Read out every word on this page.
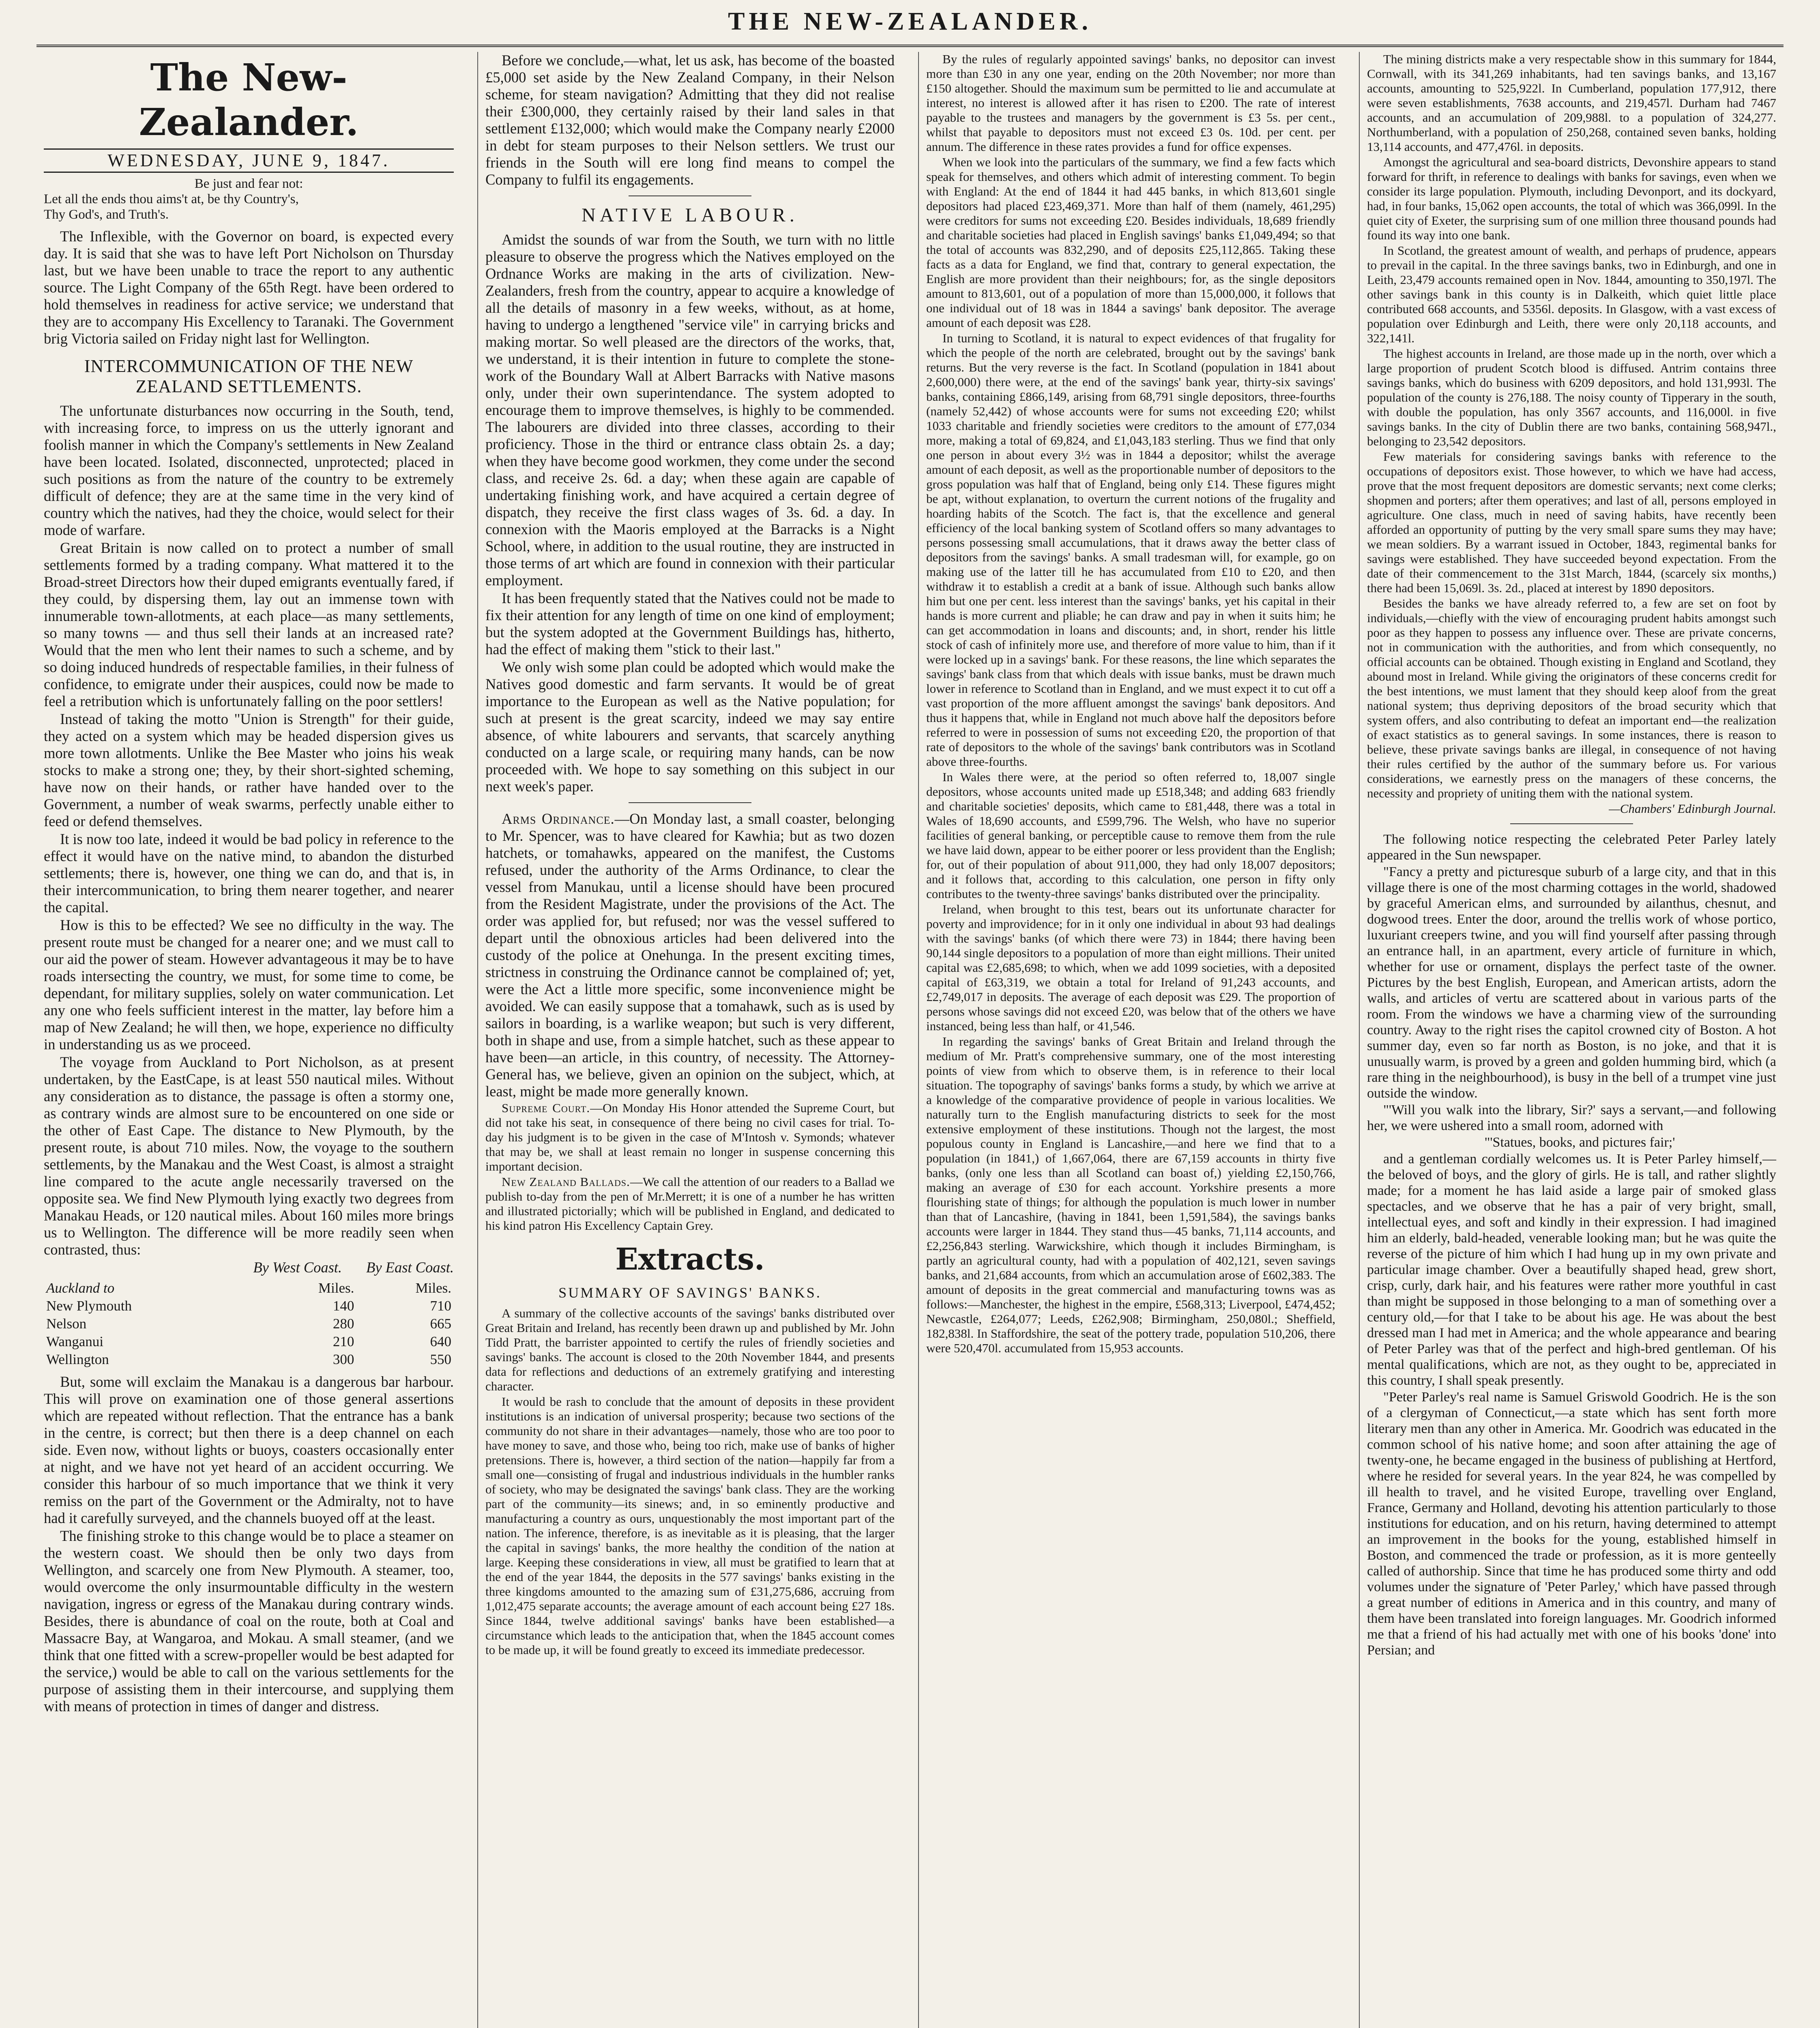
THE NEW-ZEALANDER.
The New-Zealander.
WEDNESDAY, JUNE 9, 1847.
Be just and fear not:
Let all the ends thou aims't at, be thy Country's,
Thy God's, and Truth's.

The Inflexible, with the Governor on board, is expected every day. It is said that she was to have left Port Nicholson on Thursday last, but we have been unable to trace the report to any authentic source. The Light Company of the 65th Regt. have been ordered to hold themselves in readiness for active service; we understand that they are to accompany His Excellency to Taranaki. The Government brig Victoria sailed on Friday night last for Wellington.

INTERCOMMUNICATION OF THE NEW ZEALAND SETTLEMENTS.

The unfortunate disturbances now occurring in the South, tend, with increasing force, to impress on us the utterly ignorant and foolish manner in which the Company's settlements in New Zealand have been located. Isolated, disconnected, unprotected; placed in such positions as from the nature of the country to be extremely difficult of defence; they are at the same time in the very kind of country which the natives, had they the choice, would select for their mode of warfare.

Great Britain is now called on to protect a number of small settlements formed by a trading company. What mattered it to the Broad-street Directors how their duped emigrants eventually fared, if they could, by dispersing them, lay out an immense town with innumerable town-allotments, at each place—as many settlements, so many towns — and thus sell their lands at an increased rate? Would that the men who lent their names to such a scheme, and by so doing induced hundreds of respectable families, in their fulness of confidence, to emigrate under their auspices, could now be made to feel a retribution which is unfortunately falling on the poor settlers!

Instead of taking the motto "Union is Strength" for their guide, they acted on a system which may be headed dispersion gives us more town allotments. Unlike the Bee Master who joins his weak stocks to make a strong one; they, by their short-sighted scheming, have now on their hands, or rather have handed over to the Government, a number of weak swarms, perfectly unable either to feed or defend themselves.

It is now too late, indeed it would be bad policy in reference to the effect it would have on the native mind, to abandon the disturbed settlements; there is, however, one thing we can do, and that is, in their intercommunication, to bring them nearer together, and nearer the capital.

How is this to be effected? We see no difficulty in the way. The present route must be changed for a nearer one; and we must call to our aid the power of steam. However advantageous it may be to have roads intersecting the country, we must, for some time to come, be dependant, for military supplies, solely on water communication. Let any one who feels sufficient interest in the matter, lay before him a map of New Zealand; he will then, we hope, experience no difficulty in understanding us as we proceed.

The voyage from Auckland to Port Nicholson, as at present undertaken, by the EastCape, is at least 550 nautical miles. Without any consideration as to distance, the passage is often a stormy one, as contrary winds are almost sure to be encountered on one side or the other of East Cape. The distance to New Plymouth, by the present route, is about 710 miles. Now, the voyage to the southern settlements, by the Manakau and the West Coast, is almost a straight line compared to the acute angle necessarily traversed on the opposite sea. We find New Plymouth lying exactly two degrees from Manakau Heads, or 120 nautical miles. About 160 miles more brings us to Wellington. The difference will be more readily seen when contrasted, thus:

By West Coast. By East Coast.
Auckland to	Miles.	Miles.
New Plymouth	140	710
Nelson	280	665
Wanganui	210	640
Wellington	300	550

But, some will exclaim the Manakau is a dangerous bar harbour. This will prove on examination one of those general assertions which are repeated without reflection. That the entrance has a bank in the centre, is correct; but then there is a deep channel on each side. Even now, without lights or buoys, coasters occasionally enter at night, and we have not yet heard of an accident occurring. We consider this harbour of so much importance that we think it very remiss on the part of the Government or the Admiralty, not to have had it carefully surveyed, and the channels buoyed off at the least.

The finishing stroke to this change would be to place a steamer on the western coast. We should then be only two days from Wellington, and scarcely one from New Plymouth. A steamer, too, would overcome the only insurmountable difficulty in the western navigation, ingress or egress of the Manakau during contrary winds. Besides, there is abundance of coal on the route, both at Coal and Massacre Bay, at Wangaroa, and Mokau. A small steamer, (and we think that one fitted with a screw-propeller would be best adapted for the service,) would be able to call on the various settlements for the purpose of assisting them in their intercourse, and supplying them with means of protection in times of danger and distress.

Before we conclude,—what, let us ask, has become of the boasted £5,000 set aside by the New Zealand Company, in their Nelson scheme, for steam navigation? Admitting that they did not realise their £300,000, they certainly raised by their land sales in that settlement £132,000; which would make the Company nearly £2000 in debt for steam purposes to their Nelson settlers. We trust our friends in the South will ere long find means to compel the Company to fulfil its engagements.

NATIVE LABOUR.

Amidst the sounds of war from the South, we turn with no little pleasure to observe the progress which the Natives employed on the Ordnance Works are making in the arts of civilization. New-Zealanders, fresh from the country, appear to acquire a knowledge of all the details of masonry in a few weeks, without, as at home, having to undergo a lengthened "service vile" in carrying bricks and making mortar. So well pleased are the directors of the works, that, we understand, it is their intention in future to complete the stone-work of the Boundary Wall at Albert Barracks with Native masons only, under their own superintendance. The system adopted to encourage them to improve themselves, is highly to be commended. The labourers are divided into three classes, according to their proficiency. Those in the third or entrance class obtain 2s. a day; when they have become good workmen, they come under the second class, and receive 2s. 6d. a day; when these again are capable of undertaking finishing work, and have acquired a certain degree of dispatch, they receive the first class wages of 3s. 6d. a day. In connexion with the Maoris employed at the Barracks is a Night School, where, in addition to the usual routine, they are instructed in those terms of art which are found in connexion with their particular employment.

It has been frequently stated that the Natives could not be made to fix their attention for any length of time on one kind of employment; but the system adopted at the Government Buildings has, hitherto, had the effect of making them "stick to their last."

We only wish some plan could be adopted which would make the Natives good domestic and farm servants. It would be of great importance to the European as well as the Native population; for such at present is the great scarcity, indeed we may say entire absence, of white labourers and servants, that scarcely anything conducted on a large scale, or requiring many hands, can be now proceeded with. We hope to say something on this subject in our next week's paper.

Arms Ordinance.—On Monday last, a small coaster, belonging to Mr. Spencer, was to have cleared for Kawhia; but as two dozen hatchets, or tomahawks, appeared on the manifest, the Customs refused, under the authority of the Arms Ordinance, to clear the vessel from Manukau, until a license should have been procured from the Resident Magistrate, under the provisions of the Act. The order was applied for, but refused; nor was the vessel suffered to depart until the obnoxious articles had been delivered into the custody of the police at Onehunga. In the present exciting times, strictness in construing the Ordinance cannot be complained of; yet, were the Act a little more specific, some inconvenience might be avoided. We can easily suppose that a tomahawk, such as is used by sailors in boarding, is a warlike weapon; but such is very different, both in shape and use, from a simple hatchet, such as these appear to have been—an article, in this country, of necessity. The Attorney-General has, we believe, given an opinion on the subject, which, at least, might be made more generally known.

Supreme Court.—On Monday His Honor attended the Supreme Court, but did not take his seat, in consequence of there being no civil cases for trial. To-day his judgment is to be given in the case of M'Intosh v. Symonds; whatever that may be, we shall at least remain no longer in suspense concerning this important decision.

New Zealand Ballads.—We call the attention of our readers to a Ballad we publish to-day from the pen of Mr.Merrett; it is one of a number he has written and illustrated pictorially; which will be published in England, and dedicated to his kind patron His Excellency Captain Grey.

Extracts.
SUMMARY OF SAVINGS' BANKS.

A summary of the collective accounts of the savings' banks distributed over Great Britain and Ireland, has recently been drawn up and published by Mr. John Tidd Pratt, the barrister appointed to certify the rules of friendly societies and savings' banks. The account is closed to the 20th November 1844, and presents data for reflections and deductions of an extremely gratifying and interesting character.

It would be rash to conclude that the amount of deposits in these provident institutions is an indication of universal prosperity; because two sections of the community do not share in their advantages—namely, those who are too poor to have money to save, and those who, being too rich, make use of banks of higher pretensions. There is, however, a third section of the nation—happily far from a small one—consisting of frugal and industrious individuals in the humbler ranks of society, who may be designated the savings' bank class. They are the working part of the community—its sinews; and, in so eminently productive and manufacturing a country as ours, unquestionably the most important part of the nation. The inference, therefore, is as inevitable as it is pleasing, that the larger the capital in savings' banks, the more healthy the condition of the nation at large. Keeping these considerations in view, all must be gratified to learn that at the end of the year 1844, the deposits in the 577 savings' banks existing in the three kingdoms amounted to the amazing sum of £31,275,686, accruing from 1,012,475 separate accounts; the average amount of each account being £27 18s. Since 1844, twelve additional savings' banks have been established—a circumstance which leads to the anticipation that, when the 1845 account comes to be made up, it will be found greatly to exceed its immediate predecessor.

By the rules of regularly appointed savings' banks, no depositor can invest more than £30 in any one year, ending on the 20th November; nor more than £150 altogether. Should the maximum sum be permitted to lie and accumulate at interest, no interest is allowed after it has risen to £200. The rate of interest payable to the trustees and managers by the government is £3 5s. per cent., whilst that payable to depositors must not exceed £3 0s. 10d. per cent. per annum. The difference in these rates provides a fund for office expenses.

When we look into the particulars of the summary, we find a few facts which speak for themselves, and others which admit of interesting comment. To begin with England: At the end of 1844 it had 445 banks, in which 813,601 single depositors had placed £23,469,371. More than half of them (namely, 461,295) were creditors for sums not exceeding £20. Besides individuals, 18,689 friendly and charitable societies had placed in English savings' banks £1,049,494; so that the total of accounts was 832,290, and of deposits £25,112,865. Taking these facts as a data for England, we find that, contrary to general expectation, the English are more provident than their neighbours; for, as the single depositors amount to 813,601, out of a population of more than 15,000,000, it follows that one individual out of 18 was in 1844 a savings' bank depositor. The average amount of each deposit was £28.

In turning to Scotland, it is natural to expect evidences of that frugality for which the people of the north are celebrated, brought out by the savings' bank returns. But the very reverse is the fact. In Scotland (population in 1841 about 2,600,000) there were, at the end of the savings' bank year, thirty-six savings' banks, containing £866,149, arising from 68,791 single depositors, three-fourths (namely 52,442) of whose accounts were for sums not exceeding £20; whilst 1033 charitable and friendly societies were creditors to the amount of £77,034 more, making a total of 69,824, and £1,043,183 sterling. Thus we find that only one person in about every 3½ was in 1844 a depositor; whilst the average amount of each deposit, as well as the proportionable number of depositors to the gross population was half that of England, being only £14. These figures might be apt, without explanation, to overturn the current notions of the frugality and hoarding habits of the Scotch. The fact is, that the excellence and general efficiency of the local banking system of Scotland offers so many advantages to persons possessing small accumulations, that it draws away the better class of depositors from the savings' banks. A small tradesman will, for example, go on making use of the latter till he has accumulated from £10 to £20, and then withdraw it to establish a credit at a bank of issue. Although such banks allow him but one per cent. less interest than the savings' banks, yet his capital in their hands is more current and pliable; he can draw and pay in when it suits him; he can get accommodation in loans and discounts; and, in short, render his little stock of cash of infinitely more use, and therefore of more value to him, than if it were locked up in a savings' bank. For these reasons, the line which separates the savings' bank class from that which deals with issue banks, must be drawn much lower in reference to Scotland than in England, and we must expect it to cut off a vast proportion of the more affluent amongst the savings' bank depositors. And thus it happens that, while in England not much above half the depositors before referred to were in possession of sums not exceeding £20, the proportion of that rate of depositors to the whole of the savings' bank contributors was in Scotland above three-fourths.

In Wales there were, at the period so often referred to, 18,007 single depositors, whose accounts united made up £518,348; and adding 683 friendly and charitable societies' deposits, which came to £81,448, there was a total in Wales of 18,690 accounts, and £599,796. The Welsh, who have no superior facilities of general banking, or perceptible cause to remove them from the rule we have laid down, appear to be either poorer or less provident than the English; for, out of their population of about 911,000, they had only 18,007 depositors; and it follows that, according to this calculation, one person in fifty only contributes to the twenty-three savings' banks distributed over the principality.

Ireland, when brought to this test, bears out its unfortunate character for poverty and improvidence; for in it only one individual in about 93 had dealings with the savings' banks (of which there were 73) in 1844; there having been 90,144 single depositors to a population of more than eight millions. Their united capital was £2,685,698; to which, when we add 1099 societies, with a deposited capital of £63,319, we obtain a total for Ireland of 91,243 accounts, and £2,749,017 in deposits. The average of each deposit was £29. The proportion of persons whose savings did not exceed £20, was below that of the others we have instanced, being less than half, or 41,546.

In regarding the savings' banks of Great Britain and Ireland through the medium of Mr. Pratt's comprehensive summary, one of the most interesting points of view from which to observe them, is in reference to their local situation. The topography of savings' banks forms a study, by which we arrive at a knowledge of the comparative providence of people in various localities. We naturally turn to the English manufacturing districts to seek for the most extensive employment of these institutions. Though not the largest, the most populous county in England is Lancashire,—and here we find that to a population (in 1841,) of 1,667,064, there are 67,159 accounts in thirty five banks, (only one less than all Scotland can boast of,) yielding £2,150,766, making an average of £30 for each account. Yorkshire presents a more flourishing state of things; for although the population is much lower in number than that of Lancashire, (having in 1841, been 1,591,584), the savings banks accounts were larger in 1844. They stand thus—45 banks, 71,114 accounts, and £2,256,843 sterling. Warwickshire, which though it includes Birmingham, is partly an agricultural county, had with a population of 402,121, seven savings banks, and 21,684 accounts, from which an accumulation arose of £602,383. The amount of deposits in the great commercial and manufacturing towns was as follows:—Manchester, the highest in the empire, £568,313; Liverpool, £474,452; Newcastle, £264,077; Leeds, £262,908; Birmingham, 250,080l.; Sheffield, 182,838l. In Staffordshire, the seat of the pottery trade, population 510,206, there were 520,470l. accumulated from 15,953 accounts.

The mining districts make a very respectable show in this summary for 1844, Cornwall, with its 341,269 inhabitants, had ten savings banks, and 13,167 accounts, amounting to 525,922l. In Cumberland, population 177,912, there were seven establishments, 7638 accounts, and 219,457l. Durham had 7467 accounts, and an accumulation of 209,988l. to a population of 324,277. Northumberland, with a population of 250,268, contained seven banks, holding 13,114 accounts, and 477,476l. in deposits.

Amongst the agricultural and sea-board districts, Devonshire appears to stand forward for thrift, in reference to dealings with banks for savings, even when we consider its large population. Plymouth, including Devonport, and its dockyard, had, in four banks, 15,062 open accounts, the total of which was 366,099l. In the quiet city of Exeter, the surprising sum of one million three thousand pounds had found its way into one bank.

In Scotland, the greatest amount of wealth, and perhaps of prudence, appears to prevail in the capital. In the three savings banks, two in Edinburgh, and one in Leith, 23,479 accounts remained open in Nov. 1844, amounting to 350,197l. The other savings bank in this county is in Dalkeith, which quiet little place contributed 668 accounts, and 5356l. deposits. In Glasgow, with a vast excess of population over Edinburgh and Leith, there were only 20,118 accounts, and 322,141l.

The highest accounts in Ireland, are those made up in the north, over which a large proportion of prudent Scotch blood is diffused. Antrim contains three savings banks, which do business with 6209 depositors, and hold 131,993l. The population of the county is 276,188. The noisy county of Tipperary in the south, with double the population, has only 3567 accounts, and 116,000l. in five savings banks. In the city of Dublin there are two banks, containing 568,947l., belonging to 23,542 depositors.

Few materials for considering savings banks with reference to the occupations of depositors exist. Those however, to which we have had access, prove that the most frequent depositors are domestic servants; next come clerks; shopmen and porters; after them operatives; and last of all, persons employed in agriculture. One class, much in need of saving habits, have recently been afforded an opportunity of putting by the very small spare sums they may have; we mean soldiers. By a warrant issued in October, 1843, regimental banks for savings were established. They have succeeded beyond expectation. From the date of their commencement to the 31st March, 1844, (scarcely six months,) there had been 15,069l. 3s. 2d., placed at interest by 1890 depositors.

Besides the banks we have already referred to, a few are set on foot by individuals,—chiefly with the view of encouraging prudent habits amongst such poor as they happen to possess any influence over. These are private concerns, not in communication with the authorities, and from which consequently, no official accounts can be obtained. Though existing in England and Scotland, they abound most in Ireland. While giving the originators of these concerns credit for the best intentions, we must lament that they should keep aloof from the great national system; thus depriving depositors of the broad security which that system offers, and also contributing to defeat an important end—the realization of exact statistics as to general savings. In some instances, there is reason to believe, these private savings banks are illegal, in consequence of not having their rules certified by the author of the summary before us. For various considerations, we earnestly press on the managers of these concerns, the necessity and propriety of uniting them with the national system.

—Chambers' Edinburgh Journal.

The following notice respecting the celebrated Peter Parley lately appeared in the Sun newspaper.

"Fancy a pretty and picturesque suburb of a large city, and that in this village there is one of the most charming cottages in the world, shadowed by graceful American elms, and surrounded by ailanthus, chesnut, and dogwood trees. Enter the door, around the trellis work of whose portico, luxuriant creepers twine, and you will find yourself after passing through an entrance hall, in an apartment, every article of furniture in which, whether for use or ornament, displays the perfect taste of the owner. Pictures by the best English, European, and American artists, adorn the walls, and articles of vertu are scattered about in various parts of the room. From the windows we have a charming view of the surrounding country. Away to the right rises the capitol crowned city of Boston. A hot summer day, even so far north as Boston, is no joke, and that it is unusually warm, is proved by a green and golden humming bird, which (a rare thing in the neighbourhood), is busy in the bell of a trumpet vine just outside the window.

"'Will you walk into the library, Sir?' says a servant,—and following her, we were ushered into a small room, adorned with

"'Statues, books, and pictures fair;'

and a gentleman cordially welcomes us. It is Peter Parley himself,—the beloved of boys, and the glory of girls. He is tall, and rather slightly made; for a moment he has laid aside a large pair of smoked glass spectacles, and we observe that he has a pair of very bright, small, intellectual eyes, and soft and kindly in their expression. I had imagined him an elderly, bald-headed, venerable looking man; but he was quite the reverse of the picture of him which I had hung up in my own private and particular image chamber. Over a beautifully shaped head, grew short, crisp, curly, dark hair, and his features were rather more youthful in cast than might be supposed in those belonging to a man of something over a century old,—for that I take to be about his age. He was about the best dressed man I had met in America; and the whole appearance and bearing of Peter Parley was that of the perfect and high-bred gentleman. Of his mental qualifications, which are not, as they ought to be, appreciated in this country, I shall speak presently.

"Peter Parley's real name is Samuel Griswold Goodrich. He is the son of a clergyman of Connecticut,—a state which has sent forth more literary men than any other in America. Mr. Goodrich was educated in the common school of his native home; and soon after attaining the age of twenty-one, he became engaged in the business of publishing at Hertford, where he resided for several years. In the year 824, he was compelled by ill health to travel, and he visited Europe, travelling over England, France, Germany and Holland, devoting his attention particularly to those institutions for education, and on his return, having determined to attempt an improvement in the books for the young, established himself in Boston, and commenced the trade or profession, as it is more genteelly called of authorship. Since that time he has produced some thirty and odd volumes under the signature of 'Peter Parley,' which have passed through a great number of editions in America and in this country, and many of them have been translated into foreign languages. Mr. Goodrich informed me that a friend of his had actually met with one of his books 'done' into Persian; and
